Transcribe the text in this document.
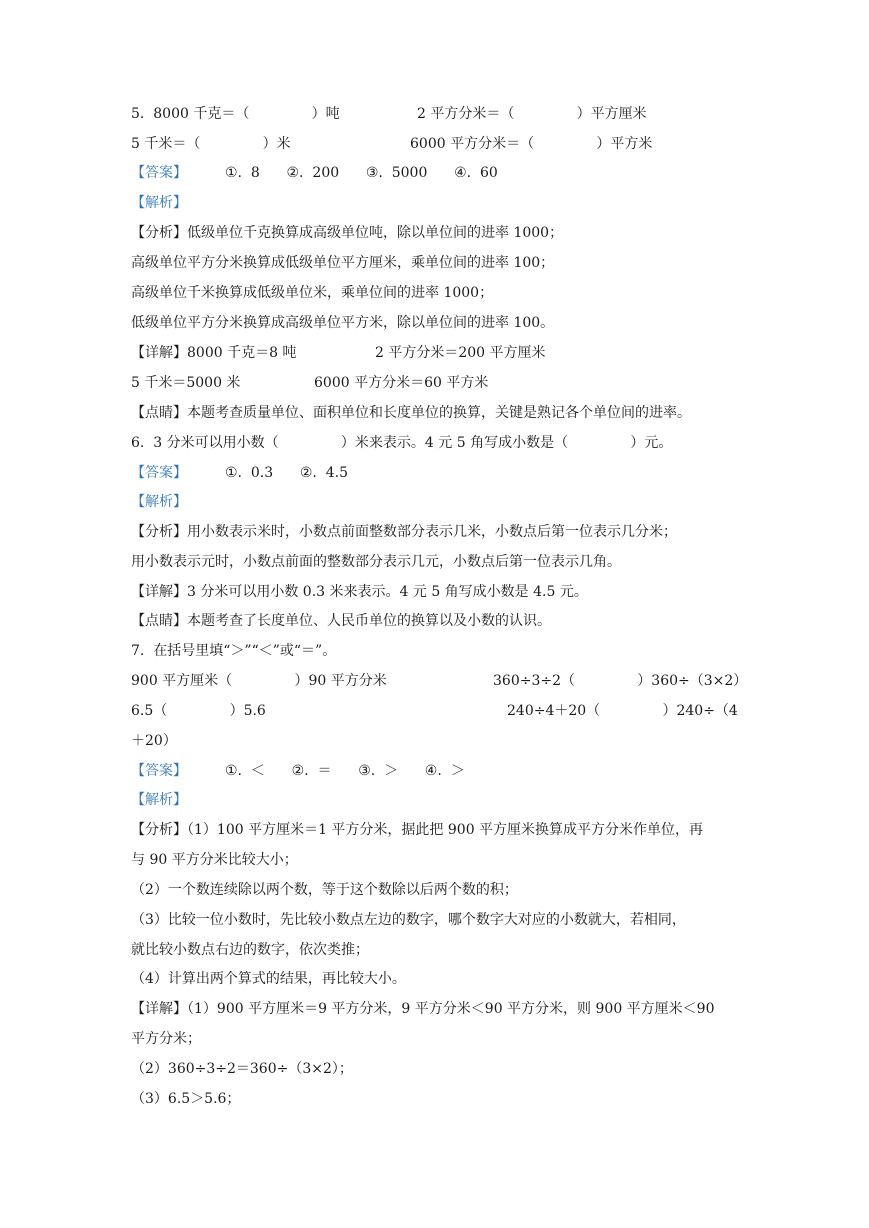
5.  8000 千克＝（              ）吨	2 平方分米＝（              ）平方厘米
5 千米＝（              ）米	6000 平方分米＝（              ）平方米
【答案】	①.  8      ②.  200      ③.  5000      ④.  60
【解析】
【分析】低级单位千克换算成高级单位吨，除以单位间的进率 1000；
高级单位平方分米换算成低级单位平方厘米，乘单位间的进率 100；
高级单位千米换算成低级单位米，乘单位间的进率 1000；
低级单位平方分米换算成高级单位平方米，除以单位间的进率 100。
【详解】8000 千克＝8 吨	2 平方分米＝200 平方厘米
5 千米＝5000 米	6000 平方分米＝60 平方米
【点睛】本题考查质量单位、面积单位和长度单位的换算，关键是熟记各个单位间的进率。
6.  3 分米可以用小数（              ）米来表示。4 元 5 角写成小数是（              ）元。
【答案】	①.  0.3      ②.  4.5
【解析】
【分析】用小数表示米时，小数点前面整数部分表示几米，小数点后第一位表示几分米；
用小数表示元时，小数点前面的整数部分表示几元，小数点后第一位表示几角。
【详解】3 分米可以用小数 0.3 米来表示。4 元 5 角写成小数是 4.5 元。
【点睛】本题考查了长度单位、人民币单位的换算以及小数的认识。
7.  在括号里填“＞”“＜”或“＝”。
900 平方厘米（              ）90 平方分米	360÷3÷2（              ）360÷（3×2）
6.5（              ）5.6	240÷4＋20（              ）240÷（4
＋20）
【答案】	①.  ＜      ②.  ＝      ③.  ＞      ④.  ＞
【解析】
【分析】（1）100 平方厘米＝1 平方分米，据此把 900 平方厘米换算成平方分米作单位，再
与 90 平方分米比较大小；
（2）一个数连续除以两个数，等于这个数除以后两个数的积；
（3）比较一位小数时，先比较小数点左边的数字，哪个数字大对应的小数就大，若相同，
就比较小数点右边的数字，依次类推；
（4）计算出两个算式的结果，再比较大小。
【详解】（1）900 平方厘米＝9 平方分米，9 平方分米＜90 平方分米，则 900 平方厘米＜90
平方分米；
（2）360÷3÷2＝360÷（3×2）；
（3）6.5＞5.6；
